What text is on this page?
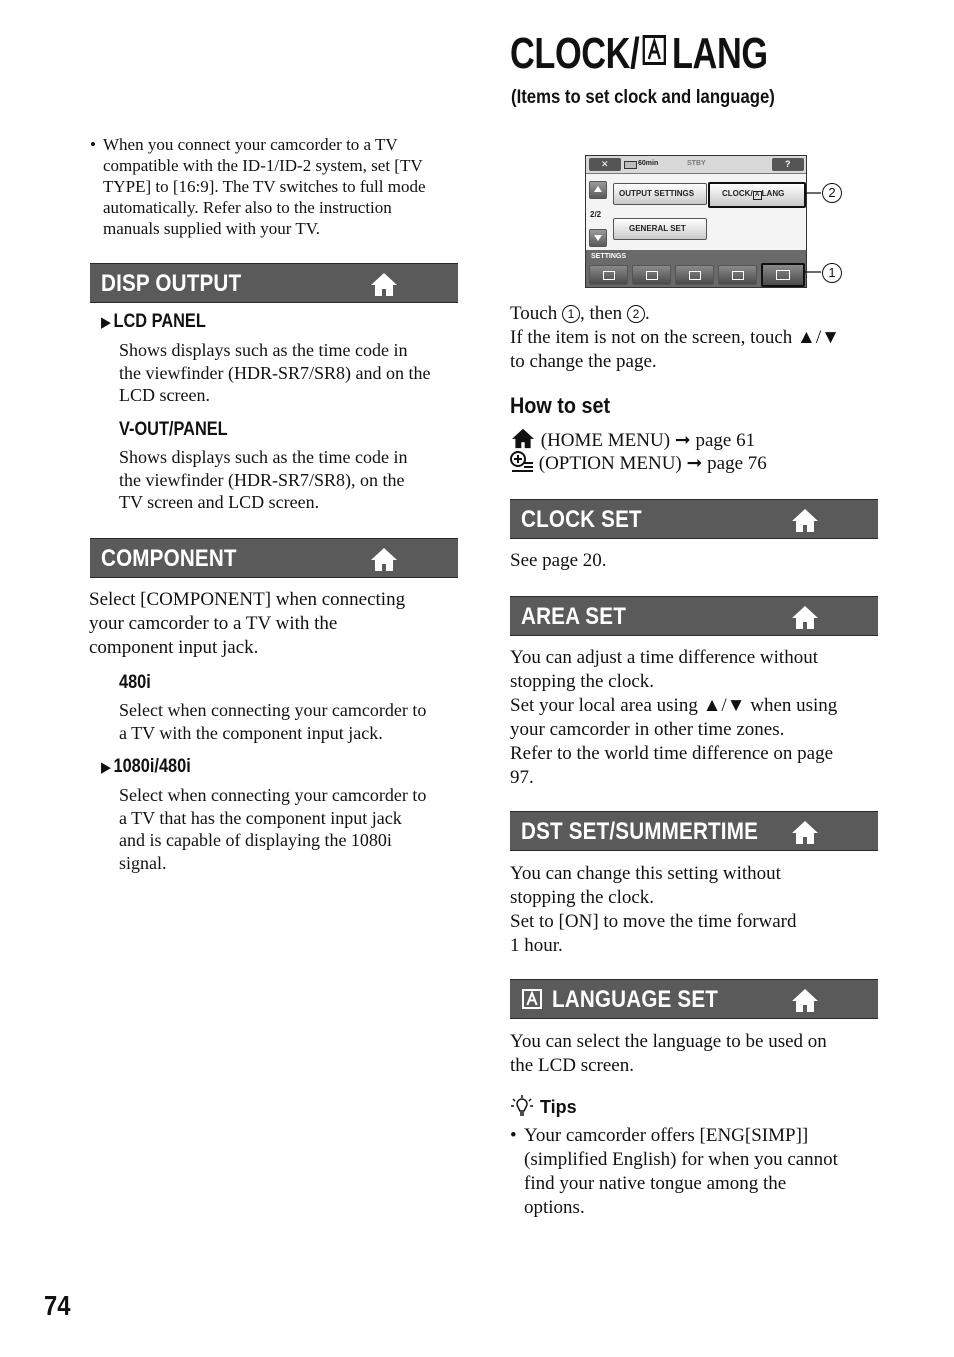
CLOCK/ LANG
(Items to set clock and language)
• When you connect your camcorder to a TV
compatible with the ID-1/ID-2 system, set [TV
TYPE] to [16:9]. The TV switches to full mode
automatically. Refer also to the instruction
manuals supplied with your TV.
DISP OUTPUT
▶ LCD PANEL
Shows displays such as the time code in
the viewfinder (HDR-SR7/SR8) and on the
LCD screen.
V-OUT/PANEL
Shows displays such as the time code in
the viewfinder (HDR-SR7/SR8), on the
TV screen and LCD screen.
COMPONENT
Select [COMPONENT] when connecting
your camcorder to a TV with the
component input jack.
480i
Select when connecting your camcorder to
a TV with the component input jack.
▶ 1080i/480i
Select when connecting your camcorder to
a TV that has the component input jack
and is capable of displaying the 1080i
signal.
74
✕	60min	STBY	?
2/2
OUTPUT SETTINGS	CLOCK/ A LANG
GENERAL SET
SETTINGS
2
1
Touch 1 , then 2 .
If the item is not on the screen, touch ▲/▼
to change the page.
How to set
(HOME MENU) ➞ page 61
(OPTION MENU) ➞ page 76
CLOCK SET
See page 20.
AREA SET
You can adjust a time difference without
stopping the clock.
Set your local area using ▲/▼ when using
your camcorder in other time zones.
Refer to the world time difference on page
97.
DST SET/SUMMERTIME
You can change this setting without
stopping the clock.
Set to [ON] to move the time forward
1 hour.
LANGUAGE SET
You can select the language to be used on
the LCD screen.
Tips
• Your camcorder offers [ENG[SIMP]]
(simplified English) for when you cannot
find your native tongue among the
options.
